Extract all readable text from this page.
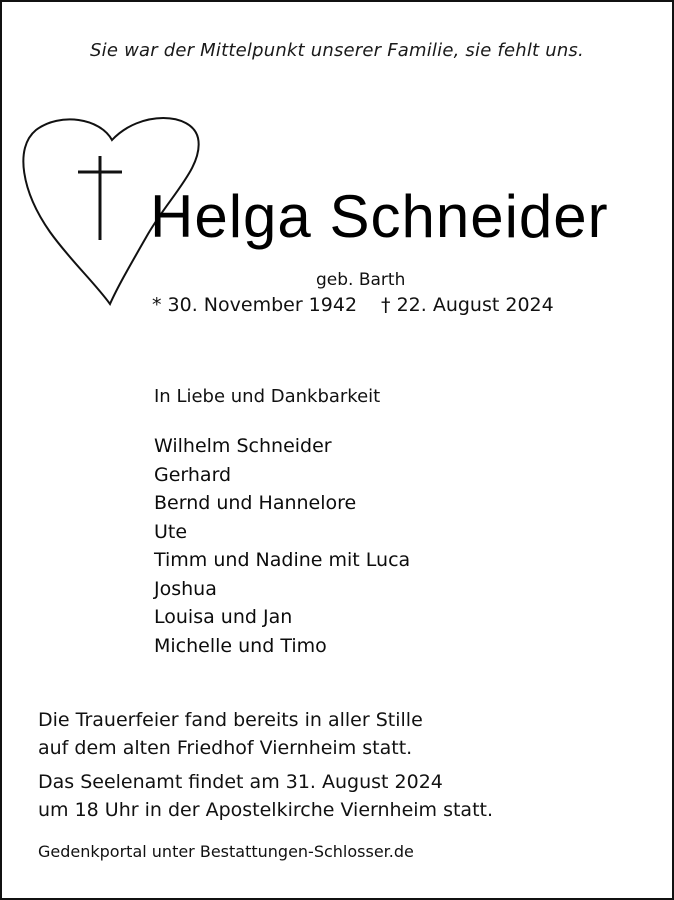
Sie war der Mittelpunkt unserer Familie, sie fehlt uns.
Helga Schneider
geb. Barth
* 30. November 1942 † 22. August 2024
In Liebe und Dankbarkeit
Wilhelm Schneider
Gerhard
Bernd und Hannelore
Ute
Timm und Nadine mit Luca
Joshua
Louisa und Jan
Michelle und Timo
Die Trauerfeier fand bereits in aller Stille
auf dem alten Friedhof Viernheim statt.
Das Seelenamt findet am 31. August 2024
um 18 Uhr in der Apostelkirche Viernheim statt.
Gedenkportal unter Bestattungen-Schlosser.de
